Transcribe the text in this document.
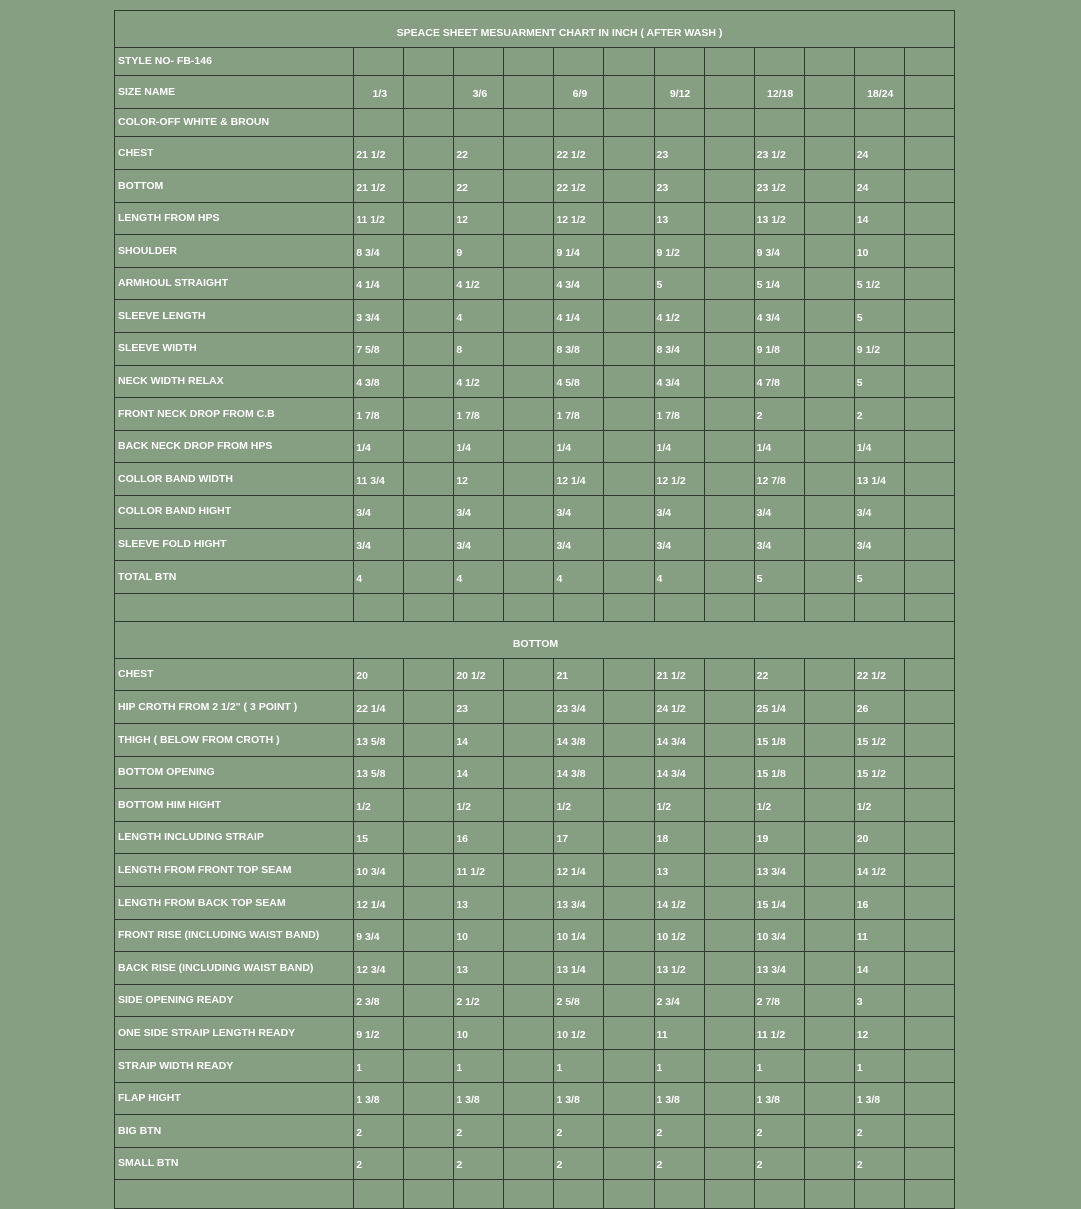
SPEACE SHEET MESUARMENT CHART IN INCH ( AFTER WASH )												
STYLE NO- FB-146												
SIZE NAME	1/3		3/6		6/9		9/12		12/18		18/24	
COLOR-OFF WHITE & BROUN												
CHEST	21 1/2		22		22 1/2		23		23 1/2		24	
BOTTOM	21 1/2		22		22 1/2		23		23 1/2		24	
LENGTH FROM HPS	11 1/2		12		12 1/2		13		13 1/2		14	
SHOULDER	8 3/4		9		9 1/4		9 1/2		9 3/4		10	
ARMHOUL STRAIGHT	4 1/4		4 1/2		4 3/4		5		5 1/4		5 1/2	
SLEEVE LENGTH	3 3/4		4		4 1/4		4 1/2		4 3/4		5	
SLEEVE WIDTH	7 5/8		8		8 3/8		8 3/4		9 1/8		9 1/2	
NECK WIDTH RELAX	4 3/8		4 1/2		4 5/8		4 3/4		4 7/8		5	
FRONT NECK DROP FROM C.B	1 7/8		1 7/8		1 7/8		1 7/8		2		2	
BACK NECK DROP FROM HPS	1/4		1/4		1/4		1/4		1/4		1/4	
COLLOR BAND WIDTH	11 3/4		12		12 1/4		12 1/2		12 7/8		13 1/4	
COLLOR BAND HIGHT	3/4		3/4		3/4		3/4		3/4		3/4	
SLEEVE FOLD HIGHT	3/4		3/4		3/4		3/4		3/4		3/4	
TOTAL BTN	4		4		4		4		5		5	

BOTTOM												
CHEST	20		20 1/2		21		21 1/2		22		22 1/2	
HIP CROTH FROM 2 1/2" ( 3 POINT )	22 1/4		23		23 3/4		24 1/2		25 1/4		26	
THIGH ( BELOW FROM CROTH )	13 5/8		14		14 3/8		14 3/4		15 1/8		15 1/2	
BOTTOM OPENING	13 5/8		14		14 3/8		14 3/4		15 1/8		15 1/2	
BOTTOM HIM HIGHT	1/2		1/2		1/2		1/2		1/2		1/2	
LENGTH INCLUDING STRAIP	15		16		17		18		19		20	
LENGTH FROM FRONT TOP SEAM	10 3/4		11 1/2		12 1/4		13		13 3/4		14 1/2	
LENGTH FROM BACK TOP SEAM	12 1/4		13		13 3/4		14 1/2		15 1/4		16	
FRONT RISE (INCLUDING WAIST BAND)	9 3/4		10		10 1/4		10 1/2		10 3/4		11	
BACK RISE (INCLUDING WAIST BAND)	12 3/4		13		13 1/4		13 1/2		13 3/4		14	
SIDE OPENING READY	2 3/8		2 1/2		2 5/8		2 3/4		2 7/8		3	
ONE SIDE STRAIP LENGTH READY	9 1/2		10		10 1/2		11		11 1/2		12	
STRAIP WIDTH READY	1		1		1		1		1		1	
FLAP HIGHT	1 3/8		1 3/8		1 3/8		1 3/8		1 3/8		1 3/8	
BIG BTN	2		2		2		2		2		2	
SMALL BTN	2		2		2		2		2		2	
